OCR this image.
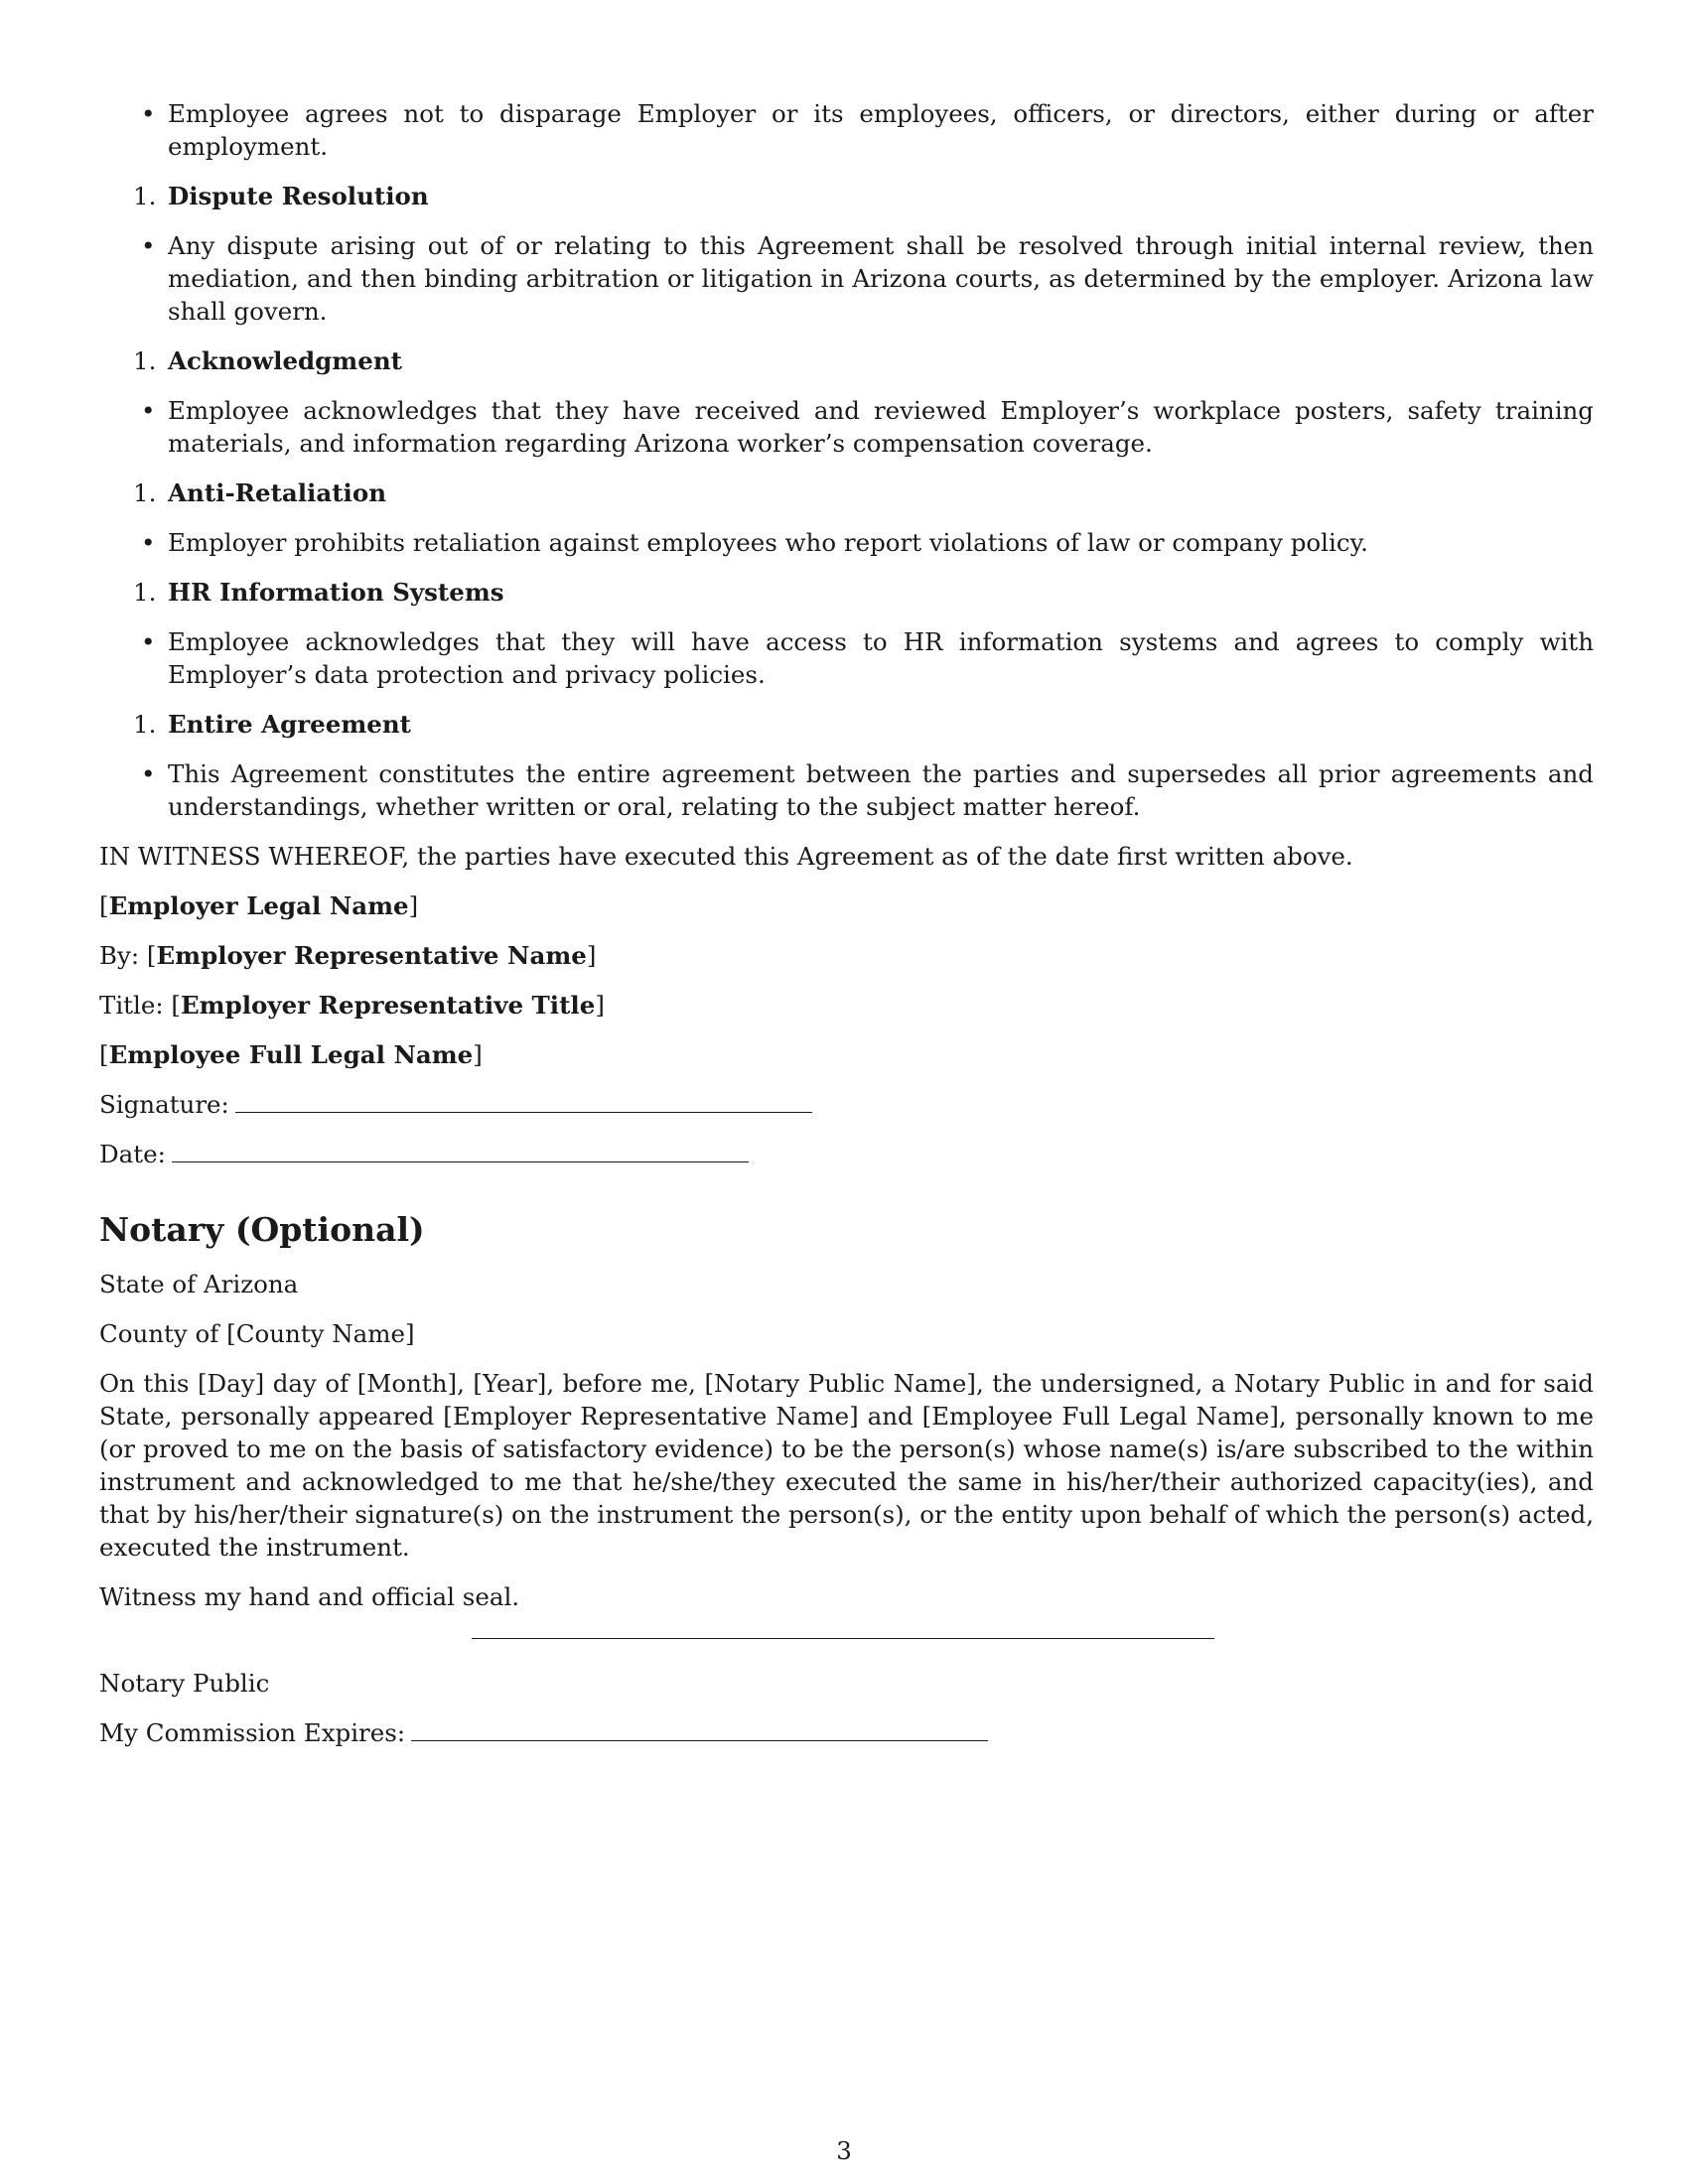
• Employee agrees not to disparage Employer or its employees, officers, or directors, either during or after employment.
1. Dispute Resolution
• Any dispute arising out of or relating to this Agreement shall be resolved through initial internal review, then mediation, and then binding arbitration or litigation in Arizona courts, as determined by the employer. Arizona law shall govern.
1. Acknowledgment
• Employee acknowledges that they have received and reviewed Employer’s workplace posters, safety training materials, and information regarding Arizona worker’s compensation coverage.
1. Anti-Retaliation
• Employer prohibits retaliation against employees who report violations of law or company policy.
1. HR Information Systems
• Employee acknowledges that they will have access to HR information systems and agrees to comply with Employer’s data protection and privacy policies.
1. Entire Agreement
• This Agreement constitutes the entire agreement between the parties and supersedes all prior agreements and understandings, whether written or oral, relating to the subject matter hereof.
IN WITNESS WHEREOF, the parties have executed this Agreement as of the date first written above.
[Employer Legal Name]
By: [Employer Representative Name]
Title: [Employer Representative Title]
[Employee Full Legal Name]
Signature:
Date:
Notary (Optional)
State of Arizona
County of [County Name]
On this [Day] day of [Month], [Year], before me, [Notary Public Name], the undersigned, a Notary Public in and for said State, personally appeared [Employer Representative Name] and [Employee Full Legal Name], personally known to me (or proved to me on the basis of satisfactory evidence) to be the person(s) whose name(s) is/are subscribed to the within instrument and acknowledged to me that he/she/they executed the same in his/her/their authorized capacity(ies), and that by his/her/their signature(s) on the instrument the person(s), or the entity upon behalf of which the person(s) acted, executed the instrument.
Witness my hand and official seal.
Notary Public
My Commission Expires:
3
